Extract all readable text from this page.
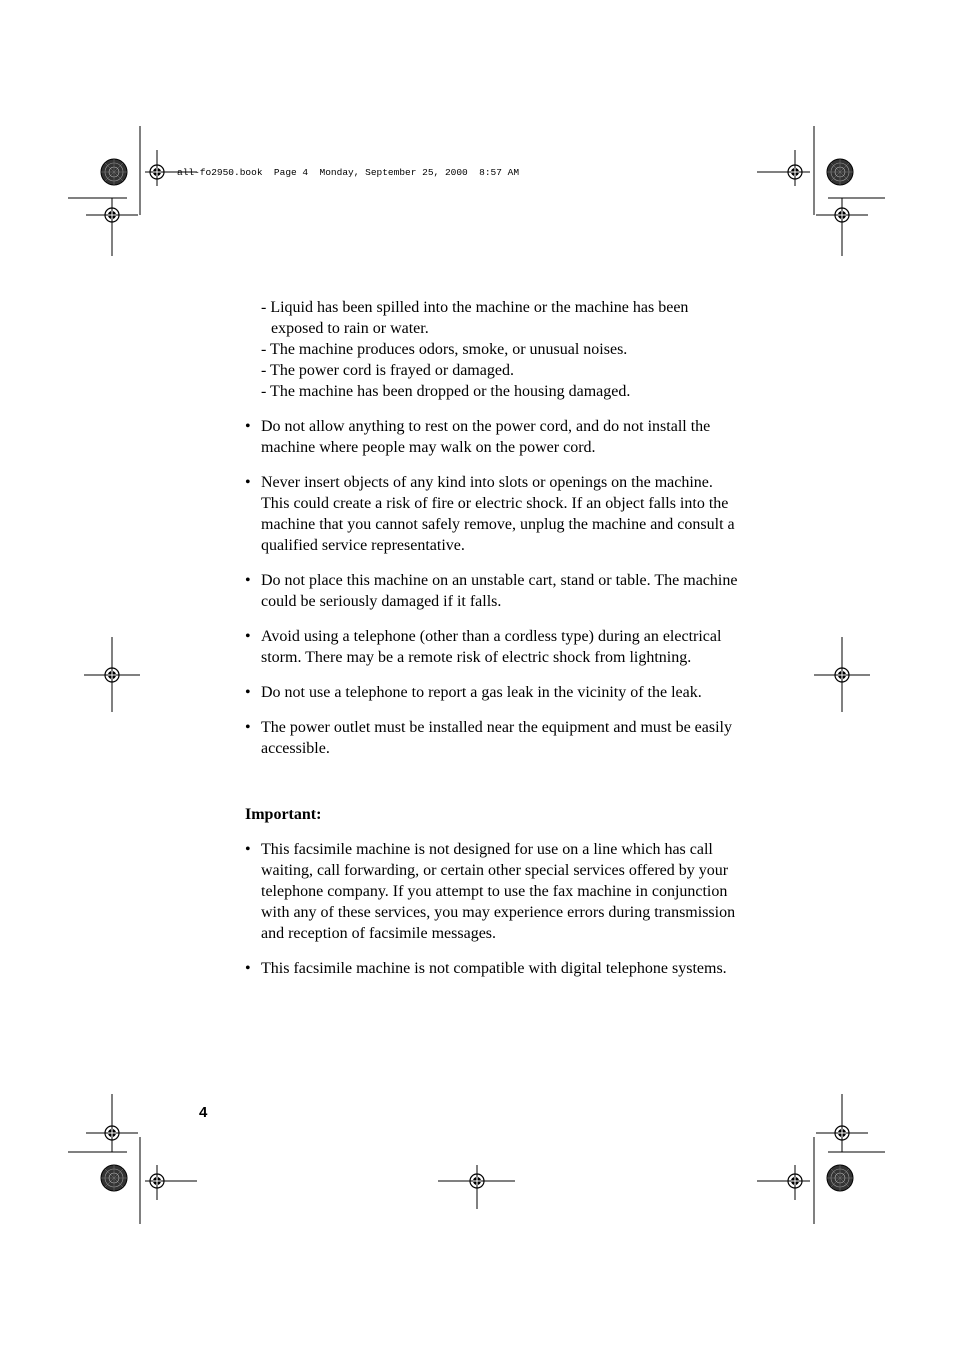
all-fo2950.book  Page 4  Monday, September 25, 2000  8:57 AM
- Liquid has been spilled into the machine or the machine has been exposed to rain or water.
- The machine produces odors, smoke, or unusual noises.
- The power cord is frayed or damaged.
- The machine has been dropped or the housing damaged.
• Do not allow anything to rest on the power cord, and do not install the machine where people may walk on the power cord.
• Never insert objects of any kind into slots or openings on the machine. This could create a risk of fire or electric shock. If an object falls into the machine that you cannot safely remove, unplug the machine and consult a qualified service representative.
• Do not place this machine on an unstable cart, stand or table. The machine could be seriously damaged if it falls.
• Avoid using a telephone (other than a cordless type) during an electrical storm. There may be a remote risk of electric shock from lightning.
• Do not use a telephone to report a gas leak in the vicinity of the leak.
• The power outlet must be installed near the equipment and must be easily accessible.

Important:

• This facsimile machine is not designed for use on a line which has call waiting, call forwarding, or certain other special services offered by your telephone company. If you attempt to use the fax machine in conjunction with any of these services, you may experience errors during transmission and reception of facsimile messages.
• This facsimile machine is not compatible with digital telephone systems.
4
